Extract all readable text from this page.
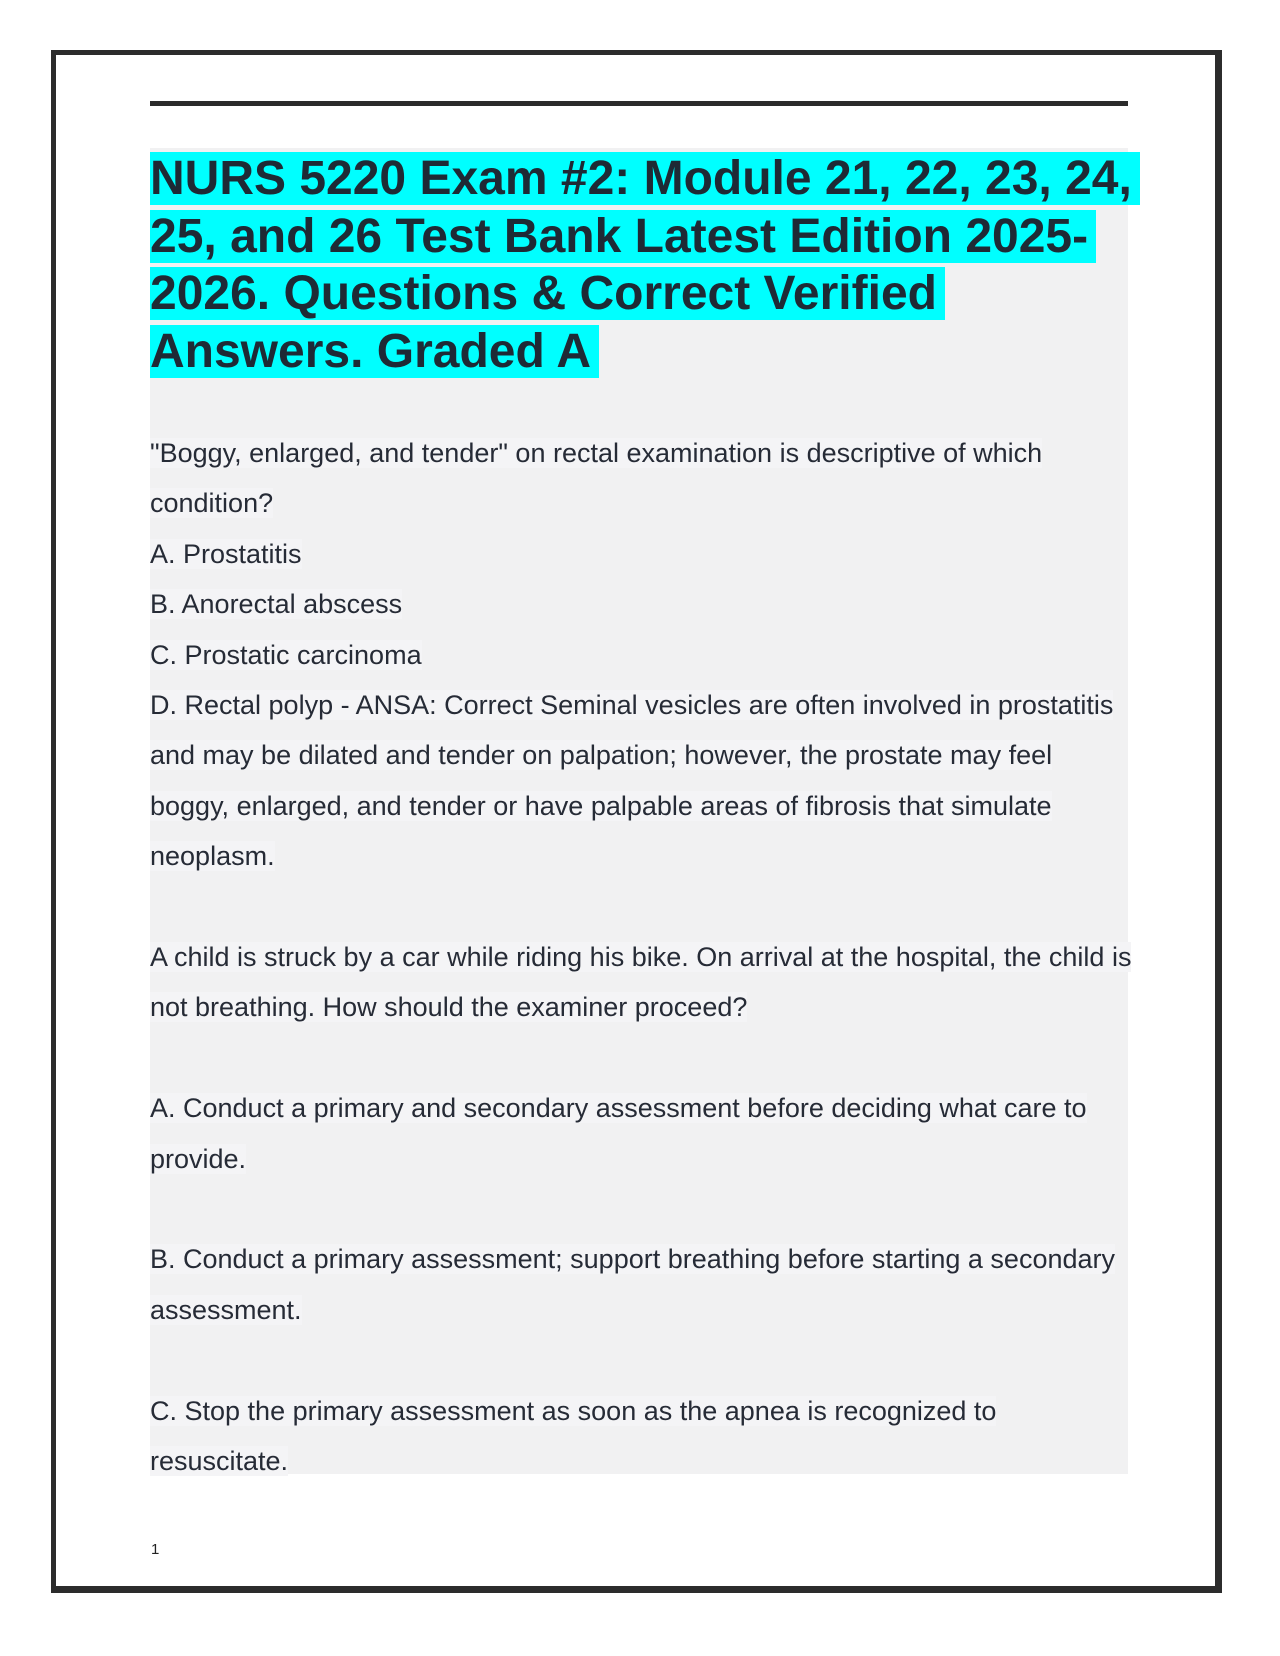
NURS 5220 Exam #2: Module 21, 22, 23, 24, 25, and 26 Test Bank Latest Edition 2025-2026. Questions & Correct Verified Answers. Graded A

"Boggy, enlarged, and tender" on rectal examination is descriptive of which condition?

A. Prostatitis

B. Anorectal abscess

C. Prostatic carcinoma

D. Rectal polyp - ANSA: Correct Seminal vesicles are often involved in prostatitis and may be dilated and tender on palpation; however, the prostate may feel boggy, enlarged, and tender or have palpable areas of fibrosis that simulate neoplasm.

A child is struck by a car while riding his bike. On arrival at the hospital, the child is not breathing. How should the examiner proceed?

A. Conduct a primary and secondary assessment before deciding what care to provide.

B. Conduct a primary assessment; support breathing before starting a secondary assessment.

C. Stop the primary assessment as soon as the apnea is recognized to resuscitate.

1
